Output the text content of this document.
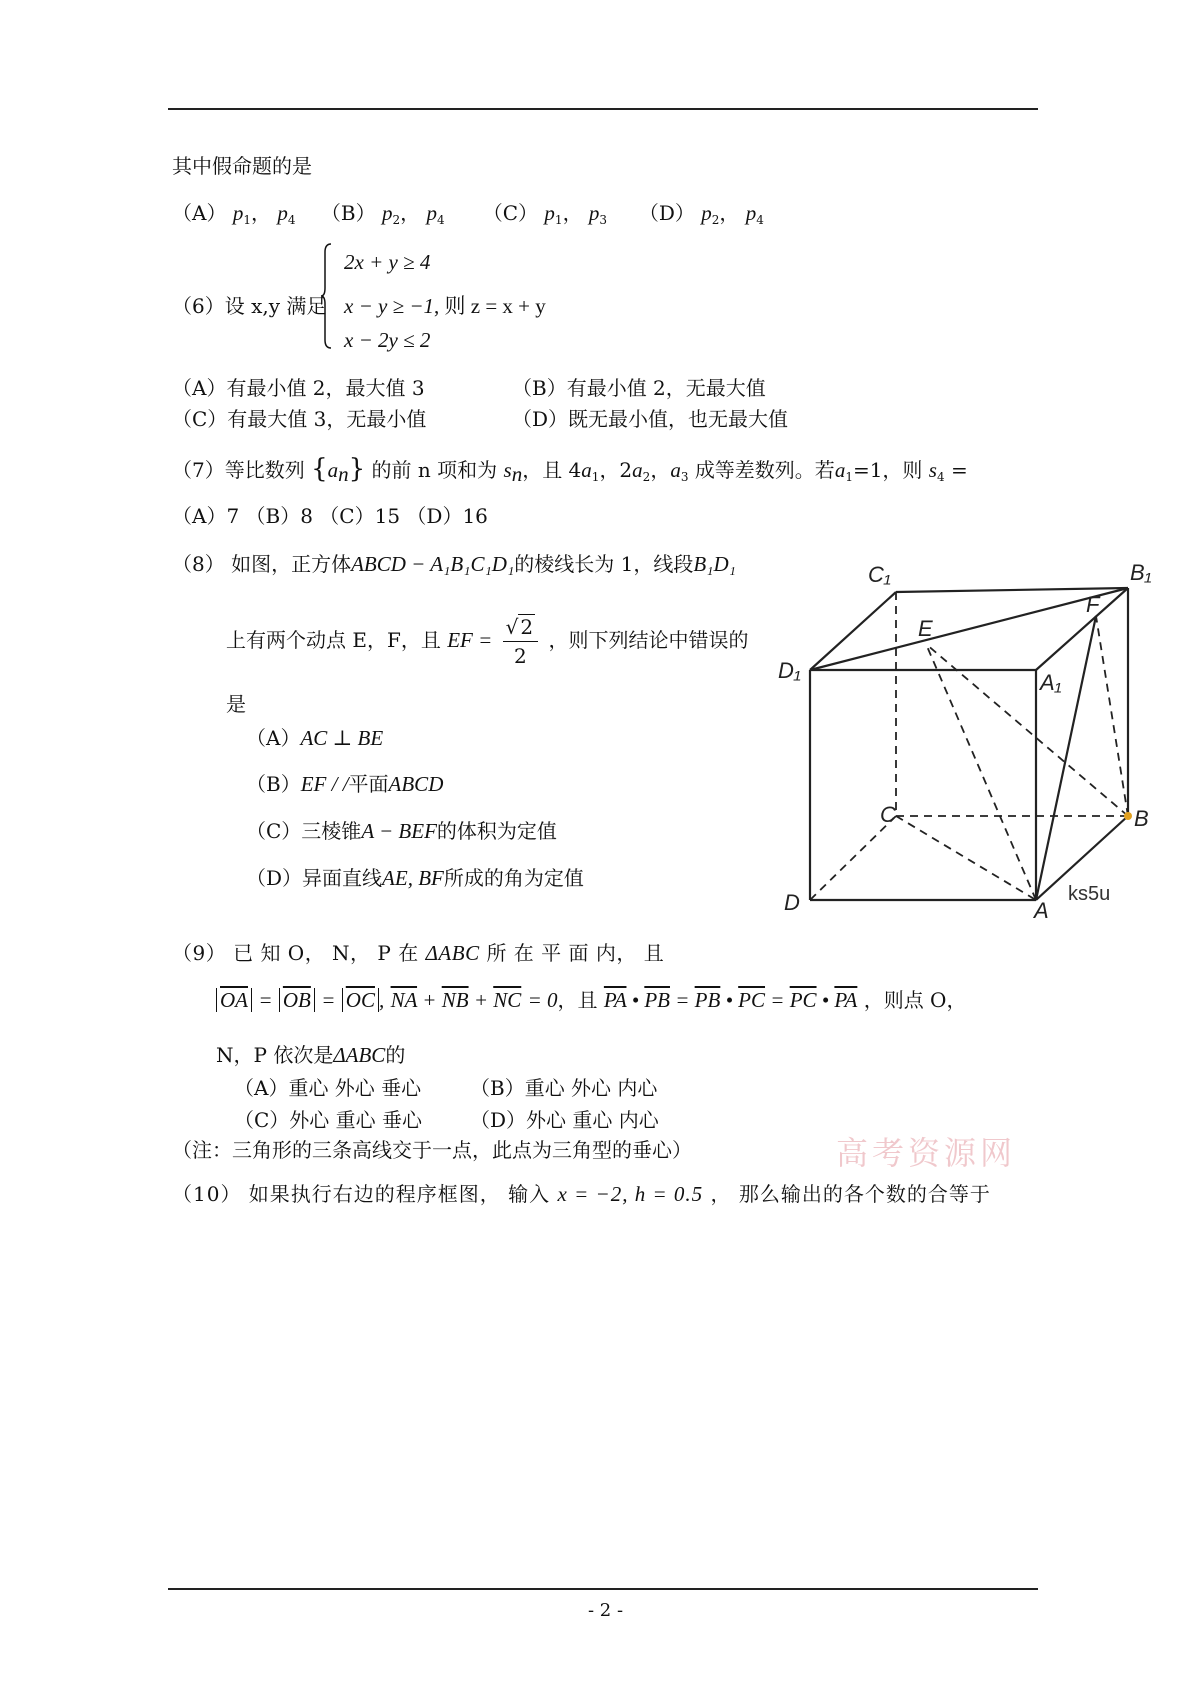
其中假命题的是
（A） $p_1$， $p_4$ （B） $p_2$， $p_4$ （C） $p_1$， $p_3$ （D） $p_2$， $p_4$
（6）设 x,y 满足
2x + y ≥ 4
x − y ≥ −1, 则 z = x + y
x − 2y ≤ 2
（A）有最小值 2，最大值 3	（B）有最小值 2，无最大值
（C）有最大值 3，无最小值	（D）既无最小值，也无最大值
（7）等比数列 $\{a_n\}$ 的前 n 项和为 $s_n$，且 $4a_1$，$2a_2$，$a_3$ 成等差数列。若$a_1=1$，则 $s_4$ =
（A）7 （B）8 （C）15 （D）16
（8） 如图，正方体ABCD − A₁B₁C₁D₁的棱线长为 1，线段B₁D₁
上有两个动点 E，F，且 EF = $\frac{√ 2}{2}$ ，则下列结论中错误的
是
（A）AC ⊥ BE
（B）EF / /平面ABCD
（C）三棱锥A − BEF的体积为定值
（D）异面直线AE, BF所成的角为定值
C₁	B₁
E
F
D₁	A₁
C	B
D	A
ks5u
（9） 已 知 O， N， P 在 ΔABC 所 在 平 面 内， 且
$\overline{OA} = \overline{OB} = \overline{OC}$ , $\overline{NA} + \overline{NB} + \overline{NC} = 0$，且 $\overline{PA}$ • $\overline{PB} = \overline{PB}$ • $\overline{PC} = \overline{PC}$ • $\overline{PA}$ ，则点 O，
N，P 依次是ΔABC的
（A）重心 外心 垂心 （B）重心 外心 内心
（C）外心 重心 垂心 （D）外心 重心 内心
（注：三角形的三条高线交于一点，此点为三角型的垂心）	高考资源网
（10） 如果执行右边的程序框图， 输入 x = −2, h = 0.5 ， 那么输出的各个数的合等于
- 2 -
